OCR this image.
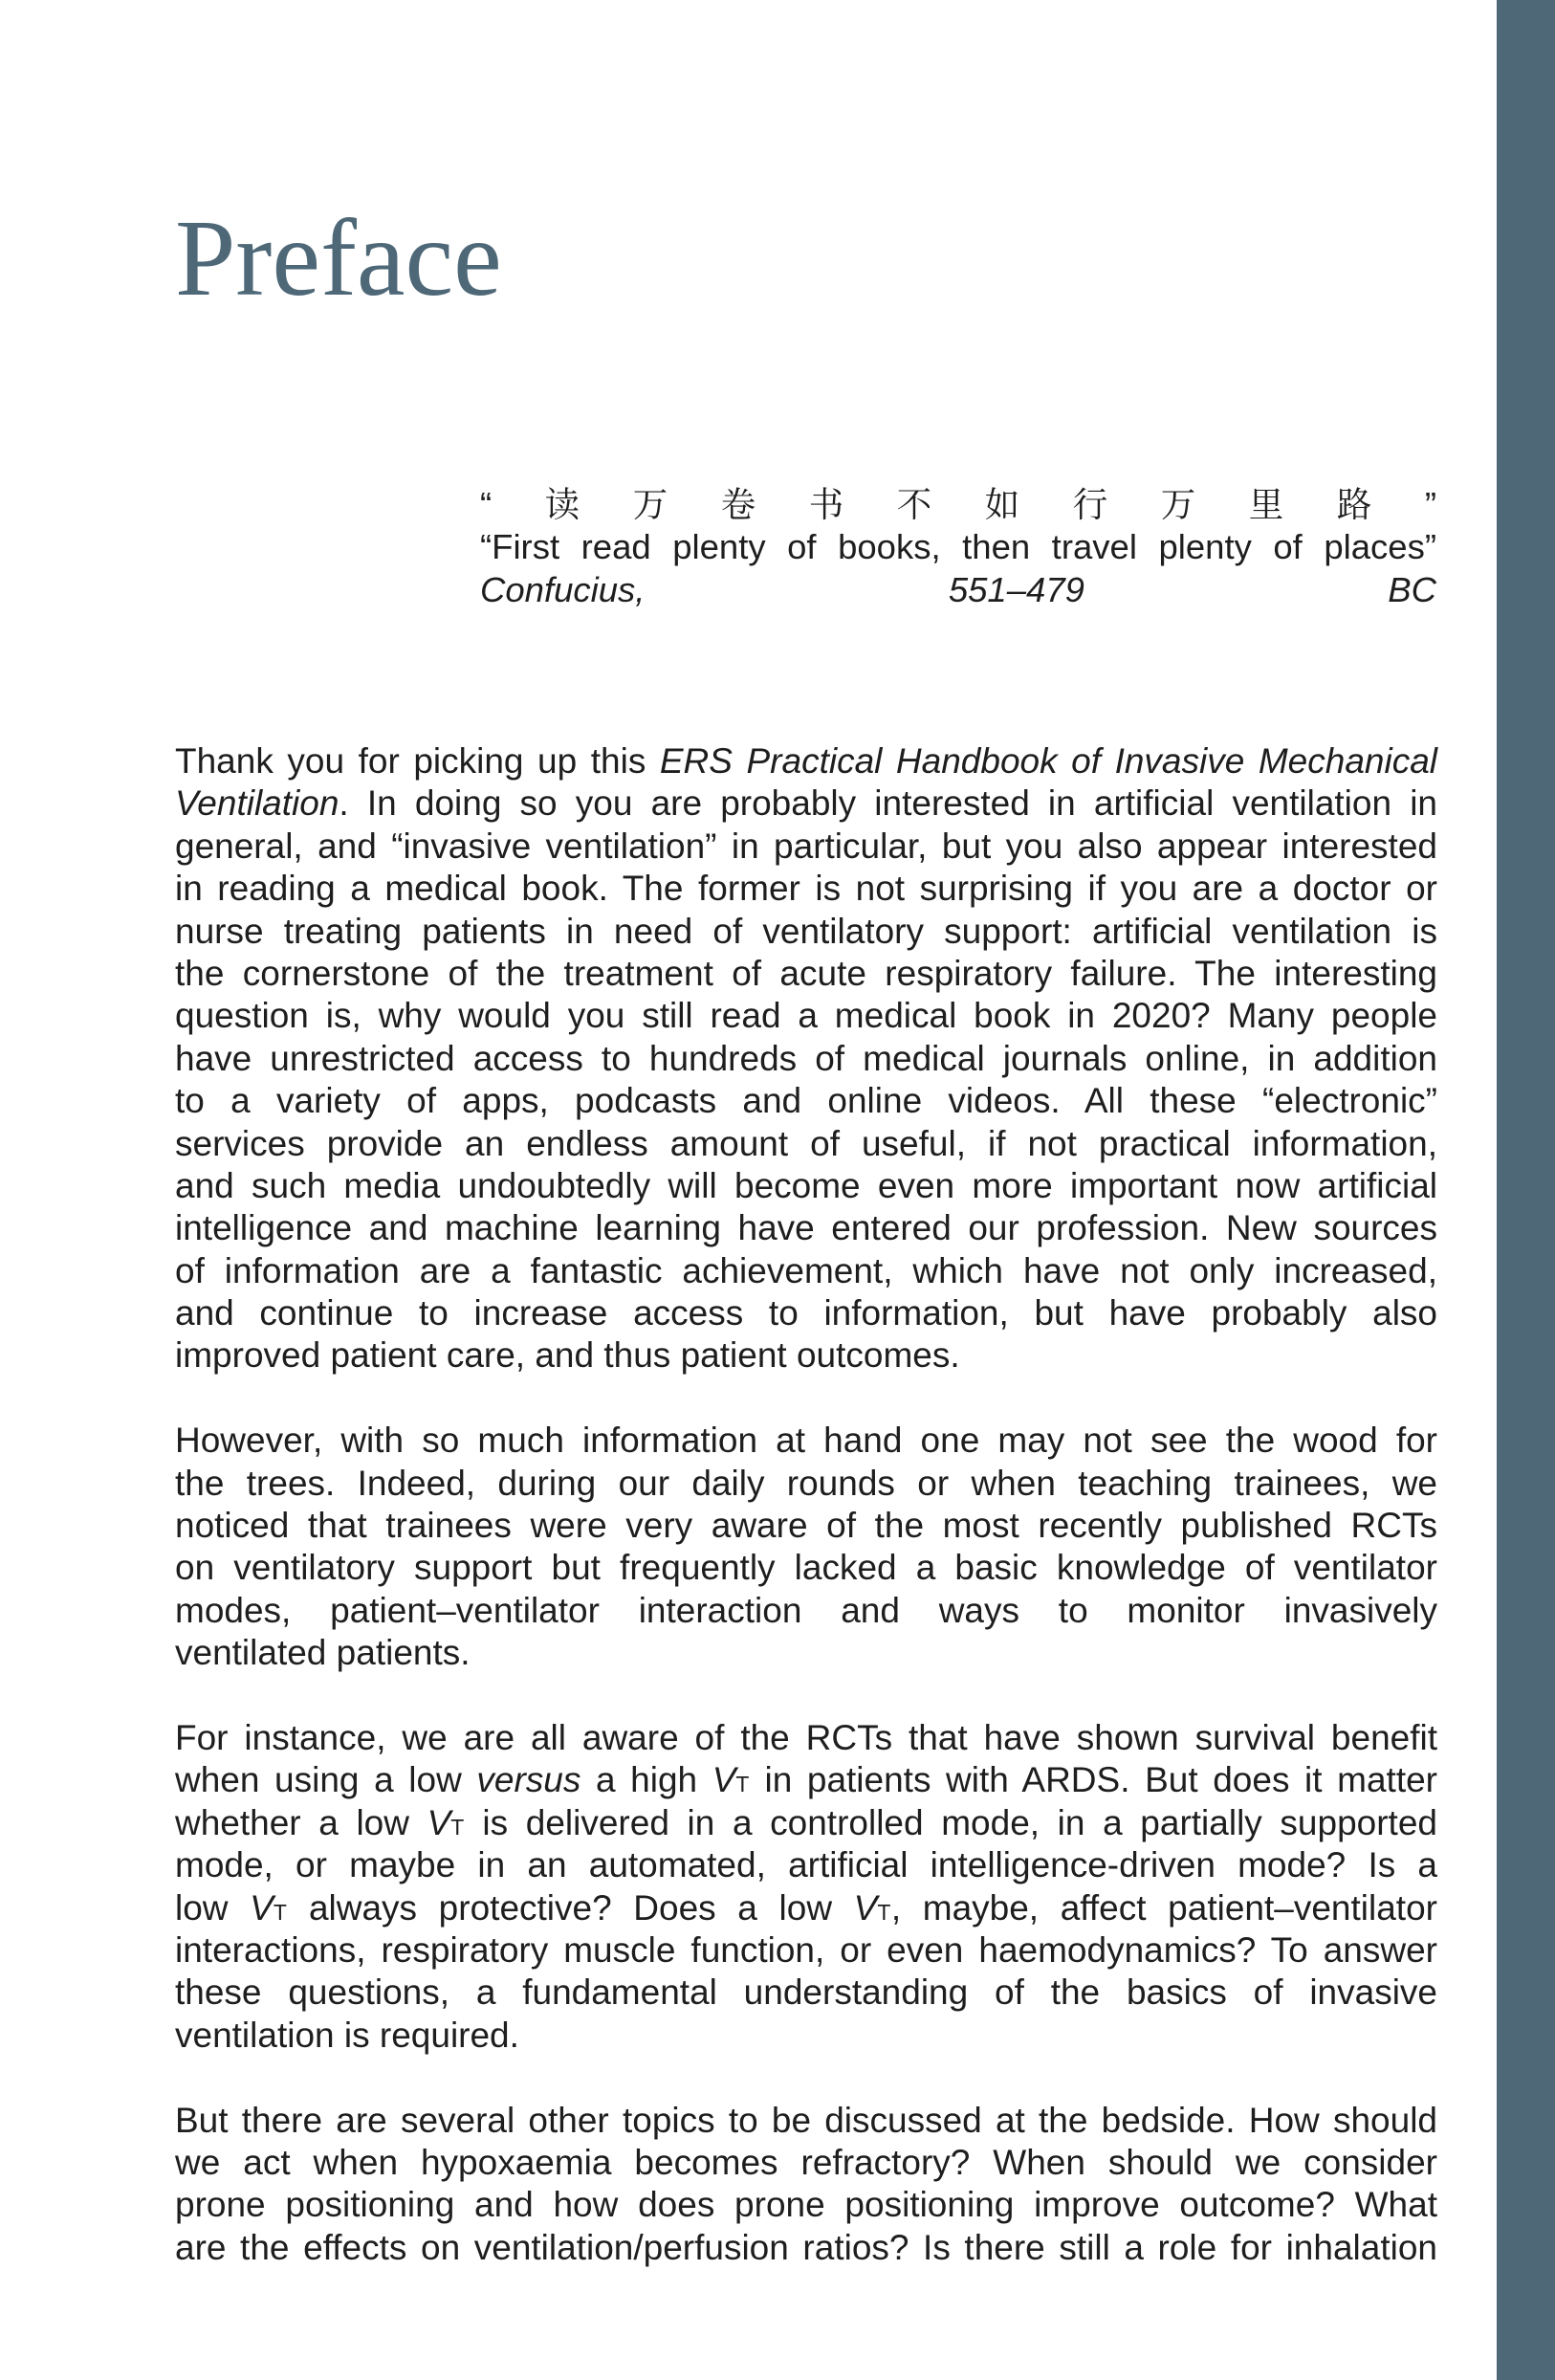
Preface
“读万卷书不如行万里路”
“First read plenty of books, then travel plenty of places”
Confucius, 551–479 BC

Thank you for picking up this ERS Practical Handbook of Invasive Mechanical
Ventilation. In doing so you are probably interested in artificial ventilation in
general, and “invasive ventilation” in particular, but you also appear interested
in reading a medical book. The former is not surprising if you are a doctor or
nurse treating patients in need of ventilatory support: artificial ventilation is
the cornerstone of the treatment of acute respiratory failure. The interesting
question is, why would you still read a medical book in 2020? Many people
have unrestricted access to hundreds of medical journals online, in addition
to a variety of apps, podcasts and online videos. All these “electronic”
services provide an endless amount of useful, if not practical information,
and such media undoubtedly will become even more important now artificial
intelligence and machine learning have entered our profession. New sources
of information are a fantastic achievement, which have not only increased,
and continue to increase access to information, but have probably also
improved patient care, and thus patient outcomes.

However, with so much information at hand one may not see the wood for
the trees. Indeed, during our daily rounds or when teaching trainees, we
noticed that trainees were very aware of the most recently published RCTs
on ventilatory support but frequently lacked a basic knowledge of ventilator
modes, patient–ventilator interaction and ways to monitor invasively
ventilated patients.

For instance, we are all aware of the RCTs that have shown survival benefit
when using a low versus a high VT in patients with ARDS. But does it matter
whether a low VT is delivered in a controlled mode, in a partially supported
mode, or maybe in an automated, artificial intelligence-driven mode? Is a
low VT always protective? Does a low VT, maybe, affect patient–ventilator
interactions, respiratory muscle function, or even haemodynamics? To answer
these questions, a fundamental understanding of the basics of invasive
ventilation is required.

But there are several other topics to be discussed at the bedside. How should
we act when hypoxaemia becomes refractory? When should we consider
prone positioning and how does prone positioning improve outcome? What
are the effects on ventilation/perfusion ratios? Is there still a role for inhalation
